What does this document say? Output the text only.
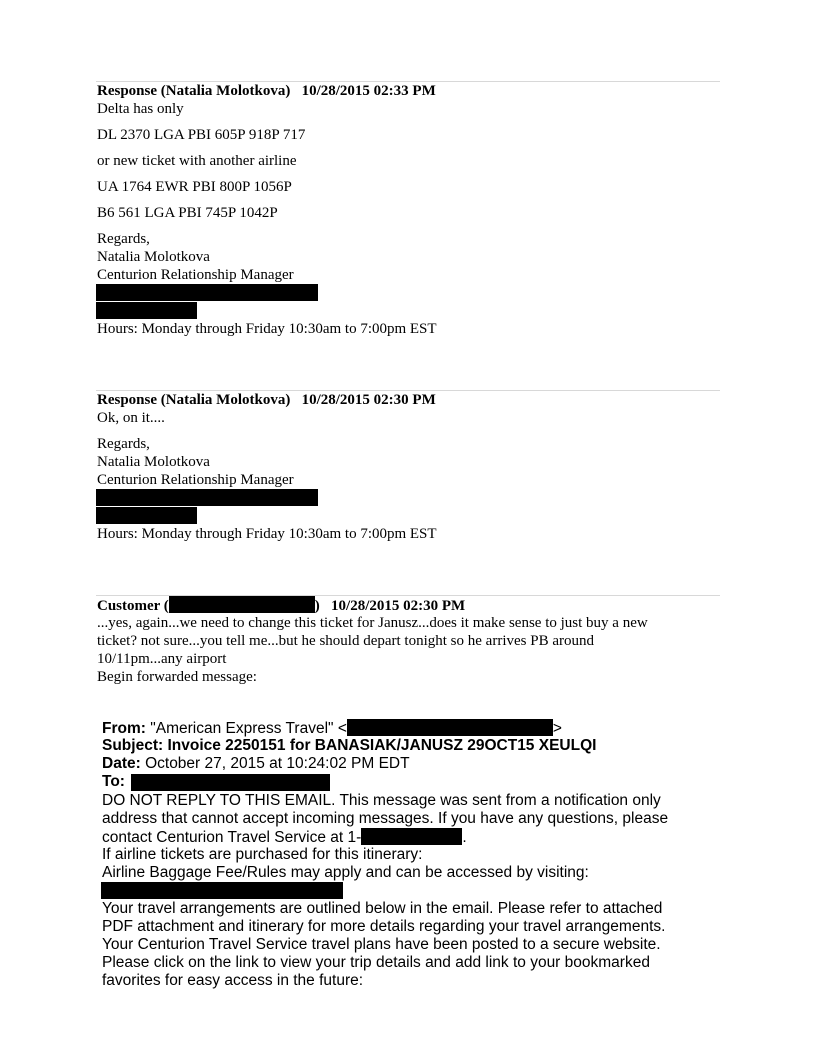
Response (Natalia Molotkova) 10/28/2015 02:33 PM
Delta has only
DL 2370 LGA PBI 605P 918P 717
or new ticket with another airline
UA 1764 EWR PBI 800P 1056P
B6 561 LGA PBI 745P 1042P
Regards,
Natalia Molotkova
Centurion Relationship Manager
Hours: Monday through Friday 10:30am to 7:00pm EST
Response (Natalia Molotkova) 10/28/2015 02:30 PM
Ok, on it....
Regards,
Natalia Molotkova
Centurion Relationship Manager
Hours: Monday through Friday 10:30am to 7:00pm EST
Customer (	) 10/28/2015 02:30 PM
...yes, again...we need to change this ticket for Janusz...does it make sense to just buy a new
ticket? not sure...you tell me...but he should depart tonight so he arrives PB around
10/11pm...any airport
Begin forwarded message:
From: "American Express Travel" <	>
Subject: Invoice 2250151 for BANASIAK/JANUSZ 29OCT15 XEULQI
Date: October 27, 2015 at 10:24:02 PM EDT
To:
DO NOT REPLY TO THIS EMAIL. This message was sent from a notification only
address that cannot accept incoming messages. If you have any questions, please
contact Centurion Travel Service at 1-	.
If airline tickets are purchased for this itinerary:
Airline Baggage Fee/Rules may apply and can be accessed by visiting:
Your travel arrangements are outlined below in the email. Please refer to attached
PDF attachment and itinerary for more details regarding your travel arrangements.
Your Centurion Travel Service travel plans have been posted to a secure website.
Please click on the link to view your trip details and add link to your bookmarked
favorites for easy access in the future:
